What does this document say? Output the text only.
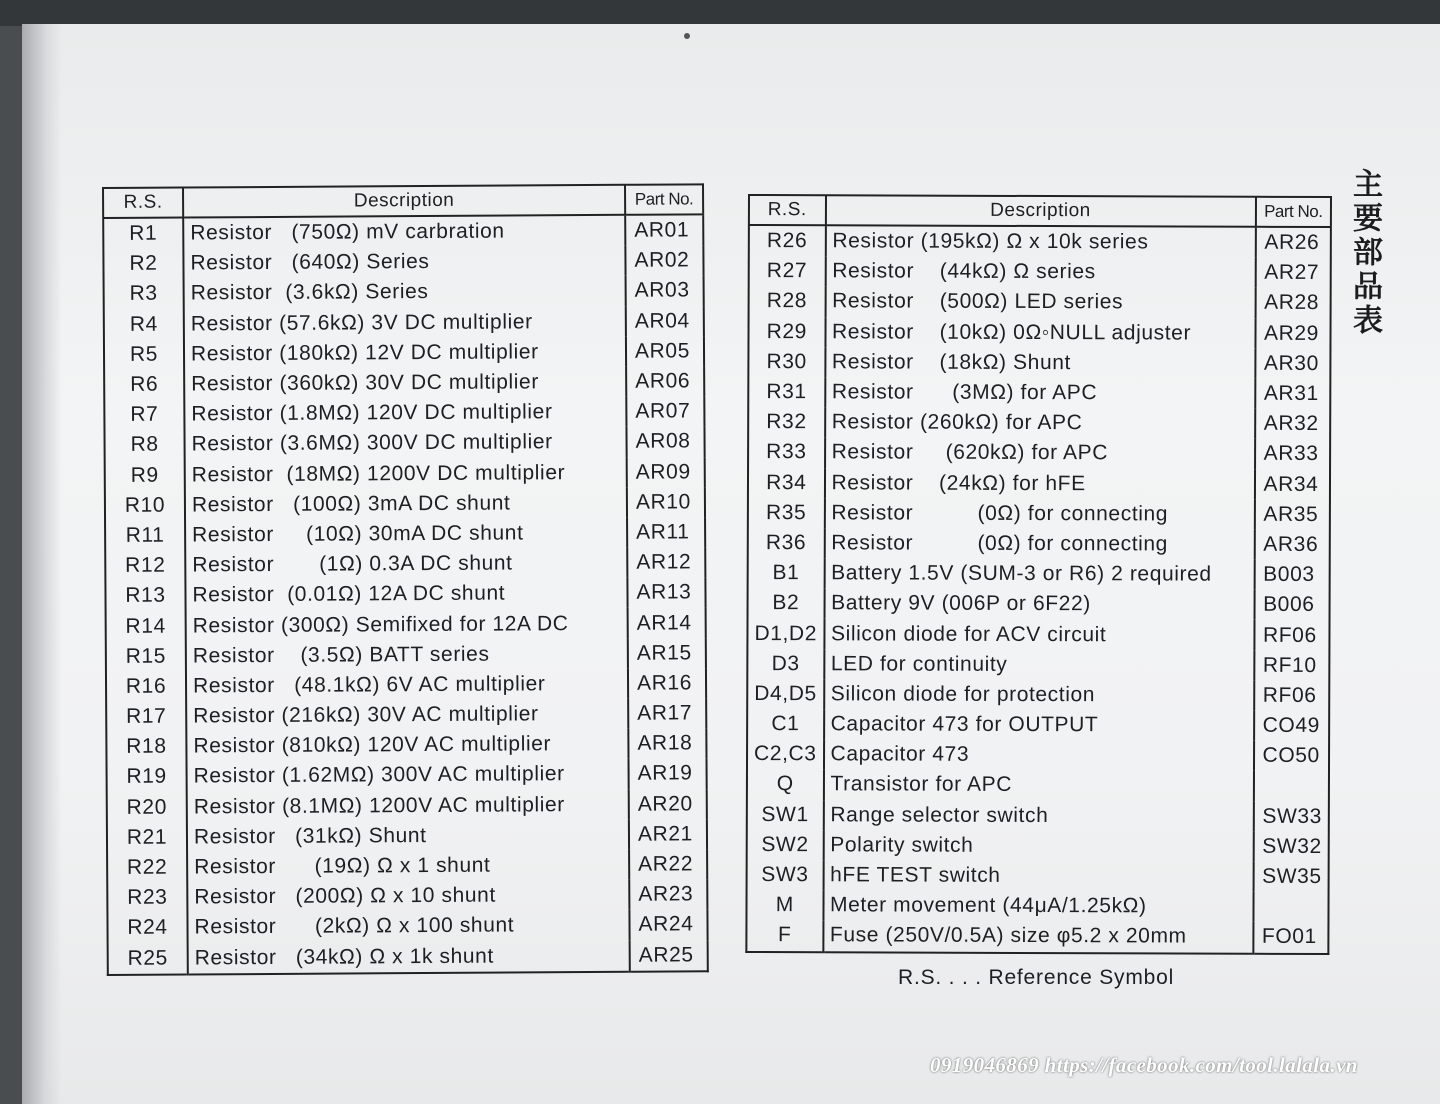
R.S.	Description	Part No.
R1	Resistor   (750Ω) mV carbration	AR01
R2	Resistor   (640Ω) Series	AR02
R3	Resistor  (3.6kΩ) Series	AR03
R4	Resistor (57.6kΩ) 3V DC multiplier	AR04
R5	Resistor (180kΩ) 12V DC multiplier	AR05
R6	Resistor (360kΩ) 30V DC multiplier	AR06
R7	Resistor (1.8MΩ) 120V DC multiplier	AR07
R8	Resistor (3.6MΩ) 300V DC multiplier	AR08
R9	Resistor  (18MΩ) 1200V DC multiplier	AR09
R10	Resistor   (100Ω) 3mA DC shunt	AR10
R11	Resistor     (10Ω) 30mA DC shunt	AR11
R12	Resistor       (1Ω) 0.3A DC shunt	AR12
R13	Resistor  (0.01Ω) 12A DC shunt	AR13
R14	Resistor (300Ω) Semifixed for 12A DC	AR14
R15	Resistor    (3.5Ω) BATT series	AR15
R16	Resistor   (48.1kΩ) 6V AC multiplier	AR16
R17	Resistor (216kΩ) 30V AC multiplier	AR17
R18	Resistor (810kΩ) 120V AC multiplier	AR18
R19	Resistor (1.62MΩ) 300V AC multiplier	AR19
R20	Resistor (8.1MΩ) 1200V AC multiplier	AR20
R21	Resistor   (31kΩ) Shunt	AR21
R22	Resistor      (19Ω) Ω x 1 shunt	AR22
R23	Resistor   (200Ω) Ω x 10 shunt	AR23
R24	Resistor      (2kΩ) Ω x 100 shunt	AR24
R25	Resistor   (34kΩ) Ω x 1k shunt	AR25
R.S.	Description	Part No.
R26	Resistor (195kΩ) Ω x 10k series	AR26
R27	Resistor    (44kΩ) Ω series	AR27
R28	Resistor    (500Ω) LED series	AR28
R29	Resistor    (10kΩ) 0Ω◦NULL adjuster	AR29
R30	Resistor    (18kΩ) Shunt	AR30
R31	Resistor      (3MΩ) for APC	AR31
R32	Resistor (260kΩ) for APC	AR32
R33	Resistor     (620kΩ) for APC	AR33
R34	Resistor    (24kΩ) for hFE	AR34
R35	Resistor          (0Ω) for connecting	AR35
R36	Resistor          (0Ω) for connecting	AR36
B1	Battery 1.5V (SUM-3 or R6) 2 required	B003
B2	Battery 9V (006P or 6F22)	B006
D1,D2	Silicon diode for ACV circuit	RF06
D3	LED for continuity	RF10
D4,D5	Silicon diode for protection	RF06
C1	Capacitor 473 for OUTPUT	CO49
C2,C3	Capacitor 473	CO50
Q	Transistor for APC	
SW1	Range selector switch	SW33
SW2	Polarity switch	SW32
SW3	hFE TEST switch	SW35
M	Meter movement (44μA/1.25kΩ)	
F	Fuse (250V/0.5A) size φ5.2 x 20mm	FO01
R.S. . . . Reference Symbol
主要部品表
0919046869 https://facebook.com/tool.lalala.vn
